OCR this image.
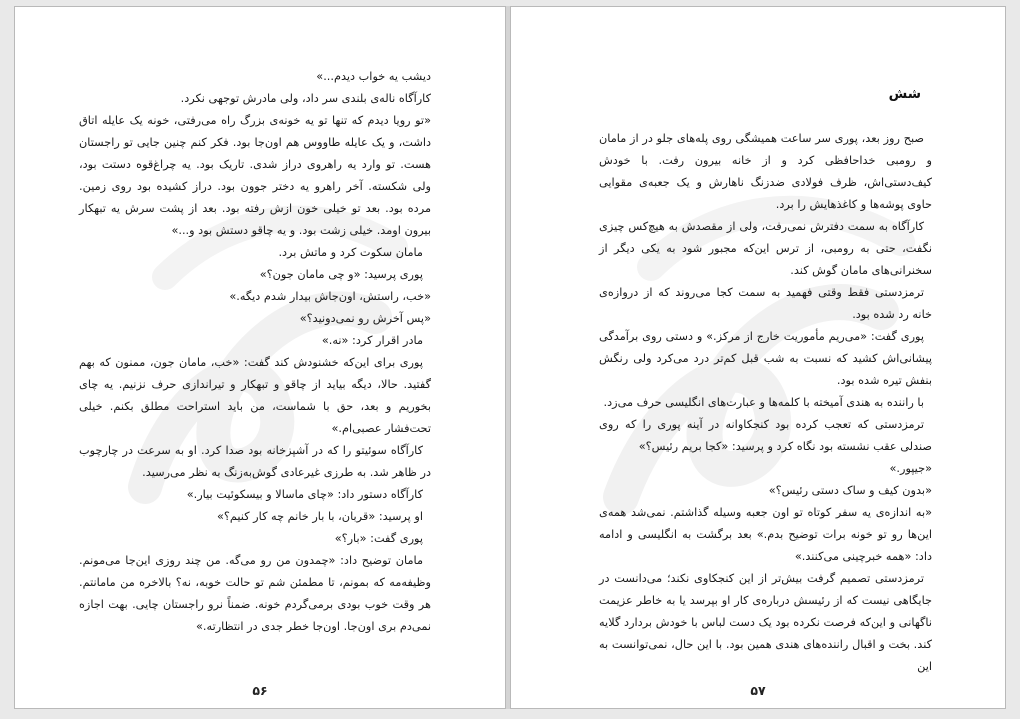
دیشب یه خواب دیدم...»

کارآگاه ناله‌ی بلندی سر داد، ولی مادرش توجهی نکرد.

«تو رویا دیدم که تنها تو یه خونه‌ی بزرگ راه می‌رفتی، خونه یک عایله اتاق داشت، و یک عایله طاووس هم اون‌جا بود. فکر کنم چنین جایی تو راجستان هست. تو وارد یه راهروی دراز شدی. تاریک بود. یه چراغ‌قوه دستت بود، ولی شکسته. آخر راهرو یه دختر جوون بود. دراز کشیده بود روی زمین. مرده بود. بعد تو خیلی خون ازش رفته بود. بعد از پشت سرش یه تبهکار بیرون اومد. خیلی زشت بود. و یه چاقو دستش بود و...»

مامان سکوت کرد و ماتش برد.

پوری پرسید: «و چی مامان جون؟»

«خب، راستش، اون‌جاش بیدار شدم دیگه.»

«پس آخرش رو نمی‌دونید؟»

مادر اقرار کرد: «نه.»

پوری برای این‌که خشنودش کند گفت: «خب، مامان جون، ممنون که بهم گفتید. حالا، دیگه بیاید از چاقو و تبهکار و تیراندازی حرف نزنیم. یه چای بخوریم و بعد، حق با شماست، من باید استراحت مطلق بکنم. خیلی تحت‌فشار عصبی‌ام.»

کارآگاه سوئیتو را که در آشپزخانه بود صدا کرد. او به سرعت در چارچوب در ظاهر شد. به طرزی غیرعادی گوش‌به‌زنگ به نظر می‌رسید.

کارآگاه دستور داد: «چای ماسالا و بیسکوئیت بیار.»

او پرسید: «قربان، با بار خانم چه کار کنیم؟»

پوری گفت: «بار؟»

مامان توضیح داد: «چمدون من رو می‌گه. من چند روزی این‌جا می‌مونم. وظیفه‌مه که بمونم، تا مطمئن شم تو حالت خوبه، نه؟ بالاخره من مامانتم. هر وقت خوب بودی برمی‌گردم خونه. ضمناً نرو راجستان چایی. بهت اجازه نمی‌دم بری اون‌جا. اون‌جا خطر جدی در انتظارته.»

۵۶
شش

صبح روز بعد، پوری سر ساعت همیشگی روی پله‌های جلو در از مامان و رومبی خداحافظی کرد و از خانه بیرون رفت. با خودش کیف‌دستی‌اش، ظرف فولادی ضدزنگ ناهارش و یک جعبه‌ی مقوایی حاوی پوشه‌ها و کاغذهایش را برد.

کارآگاه به سمت دفترش نمی‌رفت، ولی از مقصدش به هیچ‌کس چیزی نگفت، حتی به رومبی، از ترس این‌که مجبور شود به یکی دیگر از سخنرانی‌های مامان گوش کند.

ترمزدستی فقط وقتی فهمید به سمت کجا می‌روند که از دروازه‌ی خانه رد شده بود.

پوری گفت: «می‌ریم مأموریت خارج از مرکز.» و دستی روی برآمدگی پیشانی‌اش کشید که نسبت به شب قبل کم‌تر درد می‌کرد ولی رنگش بنفش تیره شده بود.

با راننده به هندی آمیخته با کلمه‌ها و عبارت‌های انگلیسی حرف می‌زد.

ترمزدستی که تعجب کرده بود کنجکاوانه در آینه پوری را که روی صندلی عقب نشسته بود نگاه کرد و پرسید: «کجا بریم رئیس؟»

«جیپور.»

«بدون کیف و ساک دستی رئیس؟»

«به اندازه‌ی یه سفر کوتاه تو اون جعبه وسیله گذاشتم. نمی‌شد همه‌ی این‌ها رو تو خونه برات توضیح بدم.» بعد برگشت به انگلیسی و ادامه داد: «همه خبرچینی می‌کنند.»

ترمزدستی تصمیم گرفت بیش‌تر از این کنجکاوی نکند؛ می‌دانست در جایگاهی نیست که از رئیسش درباره‌ی کار او بپرسد یا به خاطر عزیمت ناگهانی و این‌که فرصت نکرده بود یک دست لباس با خودش بردارد گلایه کند. بخت و اقبال راننده‌های هندی همین بود. با این حال، نمی‌توانست به این

۵۷
